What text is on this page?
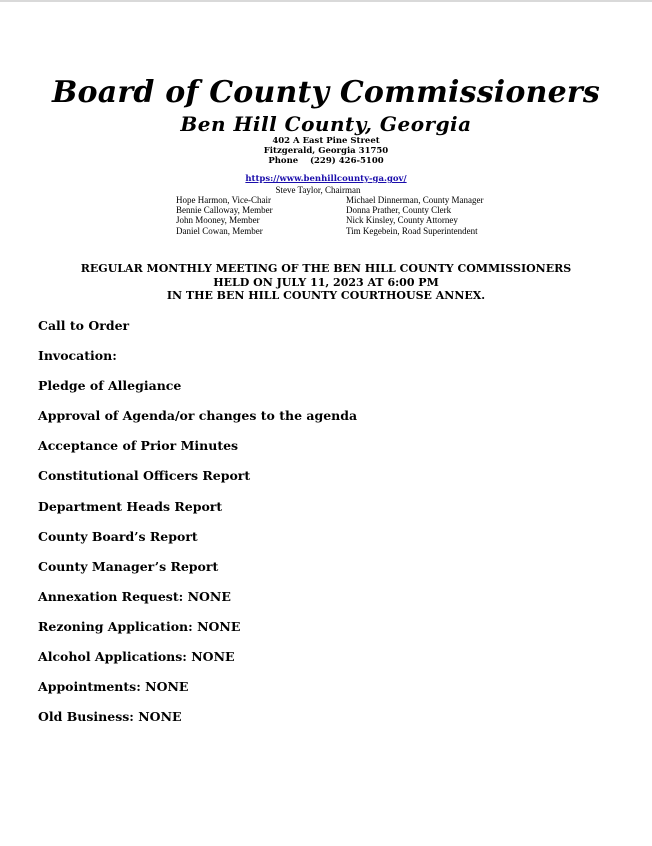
Board of County Commissioners
Ben Hill County, Georgia
402 A East Pine Street
Fitzgerald, Georgia 31750
Phone    (229) 426-5100
https://www.benhillcounty-ga.gov/
Steve Taylor, Chairman
Hope Harmon, Vice-Chair
Bennie Calloway, Member
John Mooney, Member
Daniel Cowan, Member
Michael Dinnerman, County Manager
Donna Prather, County Clerk
Nick Kinsley, County Attorney
Tim Kegebein, Road Superintendent
REGULAR MONTHLY MEETING OF THE BEN HILL COUNTY COMMISSIONERS
HELD ON JULY 11, 2023 AT 6:00 PM
IN THE BEN HILL COUNTY COURTHOUSE ANNEX.
Call to Order
Invocation:
Pledge of Allegiance
Approval of Agenda/or changes to the agenda
Acceptance of Prior Minutes
Constitutional Officers Report
Department Heads Report
County Board’s Report
County Manager’s Report
Annexation Request: NONE
Rezoning Application: NONE
Alcohol Applications: NONE
Appointments: NONE
Old Business: NONE
